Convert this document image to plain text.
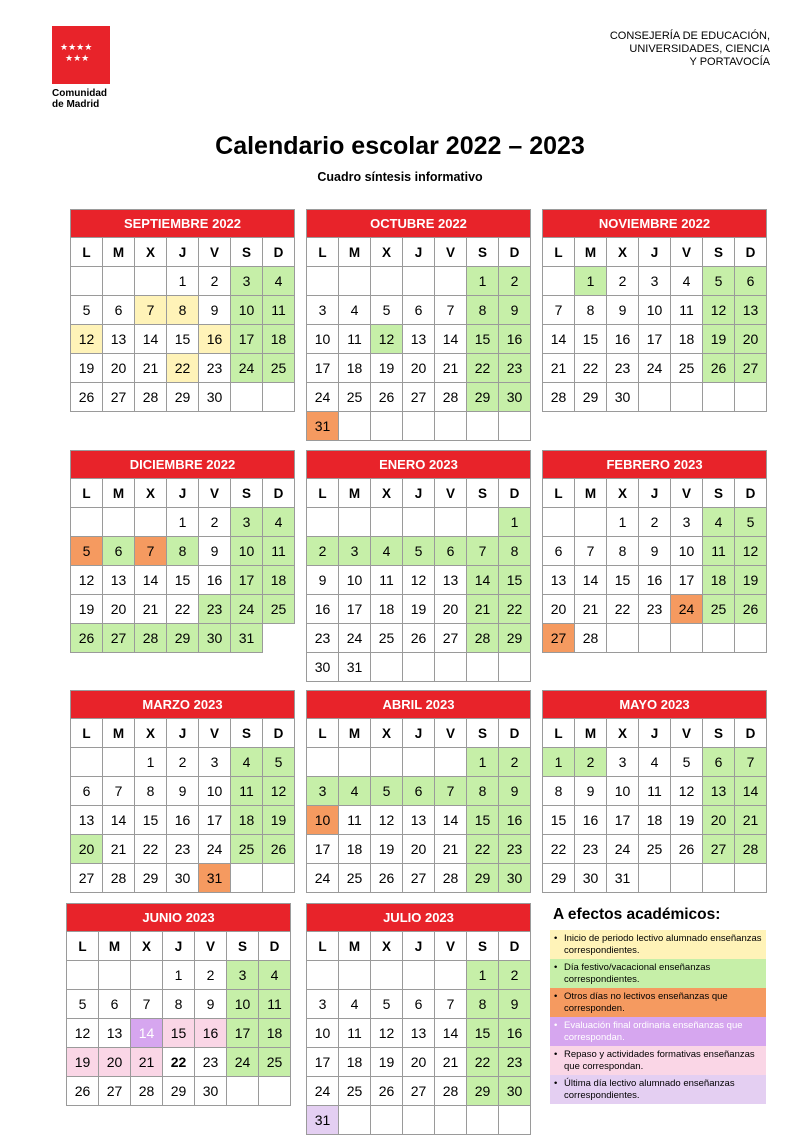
★★★★
★★★
Comunidad de Madrid
CONSEJERÍA DE EDUCACIÓN,
UNIVERSIDADES, CIENCIA
Y PORTAVOCÍA
Calendario escolar 2022 – 2023
Cuadro síntesis informativo
SEPTIEMBRE 2022						
L	M	X	J	V	S	D
			1	2	3	4
5	6	7	8	9	10	11
12	13	14	15	16	17	18
19	20	21	22	23	24	25
26	27	28	29	30		
OCTUBRE 2022						
L	M	X	J	V	S	D
					1	2
3	4	5	6	7	8	9
10	11	12	13	14	15	16
17	18	19	20	21	22	23
24	25	26	27	28	29	30
31						
NOVIEMBRE 2022						
L	M	X	J	V	S	D
	1	2	3	4	5	6
7	8	9	10	11	12	13
14	15	16	17	18	19	20
21	22	23	24	25	26	27
28	29	30				
DICIEMBRE 2022						
L	M	X	J	V	S	D
			1	2	3	4
5	6	7	8	9	10	11
12	13	14	15	16	17	18
19	20	21	22	23	24	25
26	27	28	29	30	31	
ENERO 2023						
L	M	X	J	V	S	D
						1
2	3	4	5	6	7	8
9	10	11	12	13	14	15
16	17	18	19	20	21	22
23	24	25	26	27	28	29
30	31					
FEBRERO 2023						
L	M	X	J	V	S	D
		1	2	3	4	5
6	7	8	9	10	11	12
13	14	15	16	17	18	19
20	21	22	23	24	25	26
27	28					
MARZO 2023						
L	M	X	J	V	S	D
		1	2	3	4	5
6	7	8	9	10	11	12
13	14	15	16	17	18	19
20	21	22	23	24	25	26
27	28	29	30	31		
ABRIL 2023						
L	M	X	J	V	S	D
					1	2
3	4	5	6	7	8	9
10	11	12	13	14	15	16
17	18	19	20	21	22	23
24	25	26	27	28	29	30
MAYO 2023						
L	M	X	J	V	S	D
1	2	3	4	5	6	7
8	9	10	11	12	13	14
15	16	17	18	19	20	21
22	23	24	25	26	27	28
29	30	31				
JUNIO 2023						
L	M	X	J	V	S	D
			1	2	3	4
5	6	7	8	9	10	11
12	13	14	15	16	17	18
19	20	21	22	23	24	25
26	27	28	29	30		
JULIO 2023						
L	M	X	J	V	S	D
					1	2
3	4	5	6	7	8	9
10	11	12	13	14	15	16
17	18	19	20	21	22	23
24	25	26	27	28	29	30
31						
A efectos académicos:
• Inicio de periodo lectivo alumnado enseñanzas correspondientes.
• Día festivo/vacacional enseñanzas correspondientes.
• Otros días no lectivos enseñanzas que corresponden.
• Evaluación final ordinaria enseñanzas que correspondan.
• Repaso y actividades formativas enseñanzas que correspondan.
• Última día lectivo alumnado enseñanzas correspondientes.
